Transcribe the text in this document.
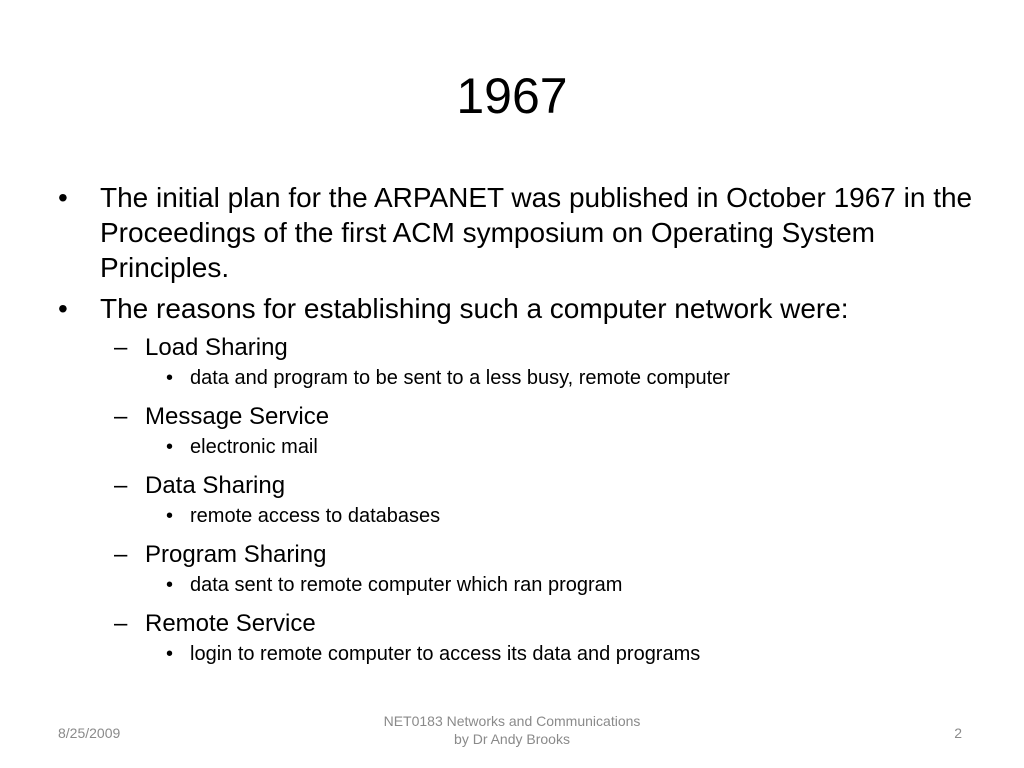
1967
•	The initial plan for the ARPANET was published in October 1967 in the Proceedings of the first ACM symposium on Operating System Principles.
•	The reasons for establishing such a computer network were:
– Load Sharing
• data and program to be sent to a less busy, remote computer
– Message Service
• electronic mail
– Data Sharing
• remote access to databases
– Program Sharing
• data sent to remote computer which ran program
– Remote Service
• login to remote computer to access its data and programs
8/25/2009
NET0183 Networks and Communications
by Dr Andy Brooks	2
